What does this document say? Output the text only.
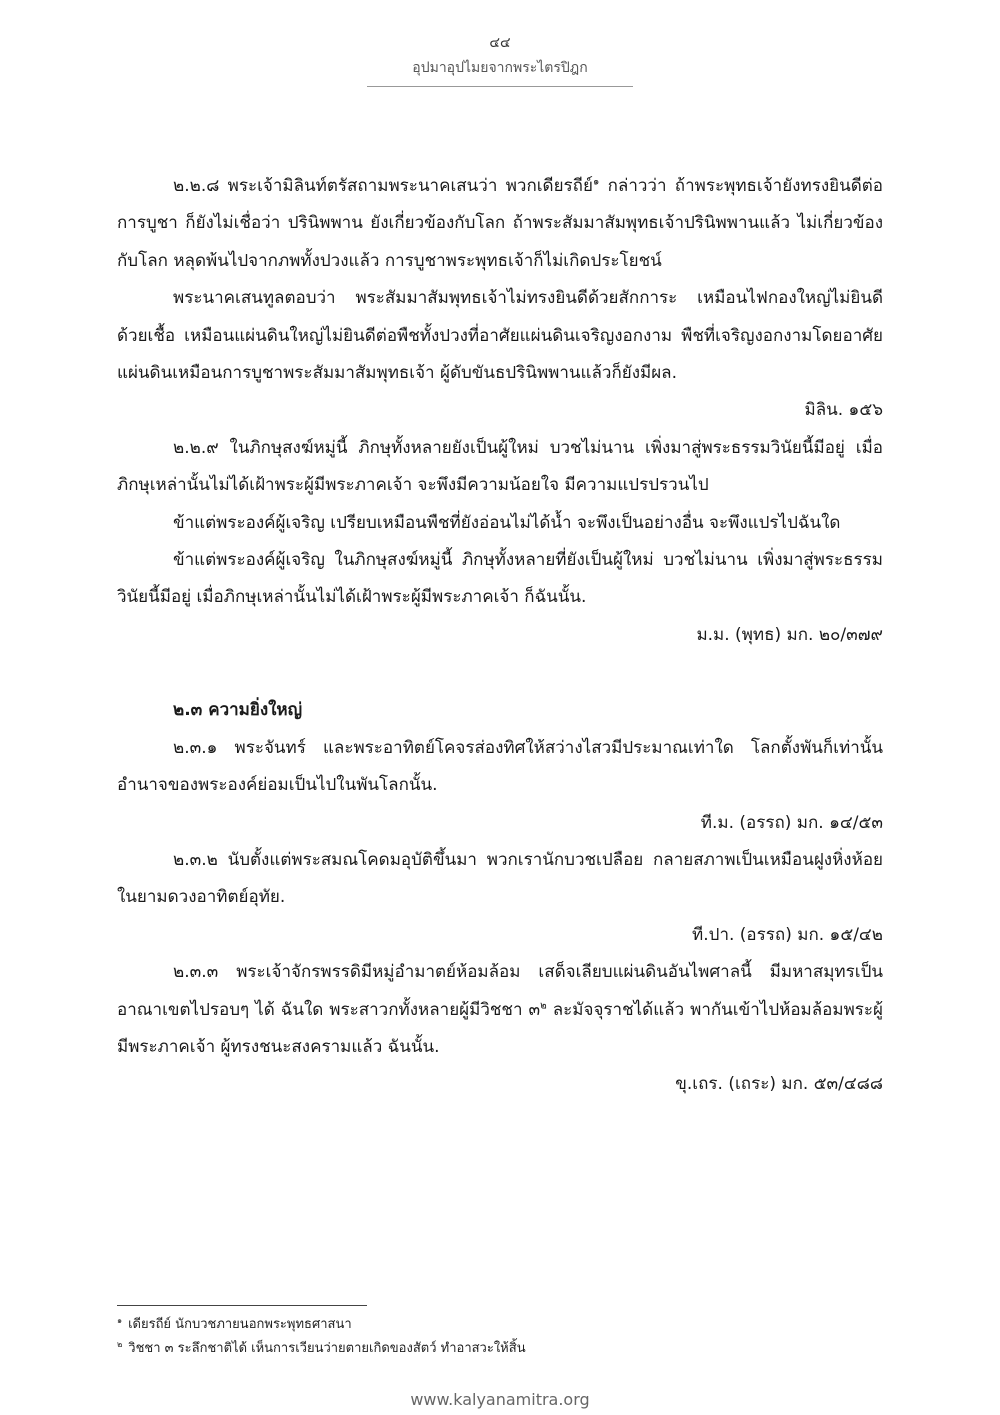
๔๔
อุปมาอุปไมยจากพระไตรปิฎก

๒.๒.๘ พระเจ้ามิลินท์ตรัสถามพระนาคเสนว่า พวกเดียรถีย์$^๑$ กล่าวว่า ถ้าพระพุทธเจ้ายังทรงยินดีต่อการบูชา ก็ยังไม่เชื่อว่า ปรินิพพาน ยังเกี่ยวข้องกับโลก ถ้าพระสัมมาสัมพุทธเจ้าปรินิพพานแล้ว ไม่เกี่ยวข้องกับโลก หลุดพ้นไปจากภพทั้งปวงแล้ว การบูชาพระพุทธเจ้าก็ไม่เกิดประโยชน์

พระนาคเสนทูลตอบว่า พระสัมมาสัมพุทธเจ้าไม่ทรงยินดีด้วยสักการะ เหมือนไฟกองใหญ่ไม่ยินดีด้วยเชื้อ เหมือนแผ่นดินใหญ่ไม่ยินดีต่อพืชทั้งปวงที่อาศัยแผ่นดินเจริญงอกงาม พืชที่เจริญงอกงามโดยอาศัยแผ่นดินเหมือนการบูชาพระสัมมาสัมพุทธเจ้า ผู้ดับขันธปรินิพพานแล้วก็ยังมีผล.

มิลิน. ๑๕๖

๒.๒.๙ ในภิกษุสงฆ์หมู่นี้ ภิกษุทั้งหลายยังเป็นผู้ใหม่ บวชไม่นาน เพิ่งมาสู่พระธรรมวินัยนี้มีอยู่ เมื่อภิกษุเหล่านั้นไม่ได้เฝ้าพระผู้มีพระภาคเจ้า จะพึงมีความน้อยใจ มีความแปรปรวนไป

ข้าแต่พระองค์ผู้เจริญ เปรียบเหมือนพืชที่ยังอ่อนไม่ได้น้ำ จะพึงเป็นอย่างอื่น จะพึงแปรไปฉันใด

ข้าแต่พระองค์ผู้เจริญ ในภิกษุสงฆ์หมู่นี้ ภิกษุทั้งหลายที่ยังเป็นผู้ใหม่ บวชไม่นาน เพิ่งมาสู่พระธรรมวินัยนี้มีอยู่ เมื่อภิกษุเหล่านั้นไม่ได้เฝ้าพระผู้มีพระภาคเจ้า ก็ฉันนั้น.

ม.ม. (พุทธ) มก. ๒๐/๓๗๙

๒.๓ ความยิ่งใหญ่

๒.๓.๑ พระจันทร์ และพระอาทิตย์โคจรส่องทิศให้สว่างไสวมีประมาณเท่าใด โลกตั้งพันก็เท่านั้น อำนาจของพระองค์ย่อมเป็นไปในพันโลกนั้น.

ที.ม. (อรรถ) มก. ๑๔/๕๓

๒.๓.๒ นับตั้งแต่พระสมณโคดมอุบัติขึ้นมา พวกเรานักบวชเปลือย กลายสภาพเป็นเหมือนฝูงหิ่งห้อยในยามดวงอาทิตย์อุทัย.

ที.ปา. (อรรถ) มก. ๑๕/๔๒

๒.๓.๓ พระเจ้าจักรพรรดิมีหมู่อำมาตย์ห้อมล้อม เสด็จเลียบแผ่นดินอันไพศาลนี้ มีมหาสมุทรเป็นอาณาเขตไปรอบๆ ได้ ฉันใด พระสาวกทั้งหลายผู้มีวิชชา ๓$^๒$ ละมัจจุราชได้แล้ว พากันเข้าไปห้อมล้อมพระผู้มีพระภาคเจ้า ผู้ทรงชนะสงครามแล้ว ฉันนั้น.

ขุ.เถร. (เถระ) มก. ๕๓/๔๘๘

$^๑$ เดียรถีย์ นักบวชภายนอกพระพุทธศาสนา

$^๒$ วิชชา ๓ ระลึกชาติได้ เห็นการเวียนว่ายตายเกิดของสัตว์ ทำอาสวะให้สิ้น

www.kalyanamitra.org
